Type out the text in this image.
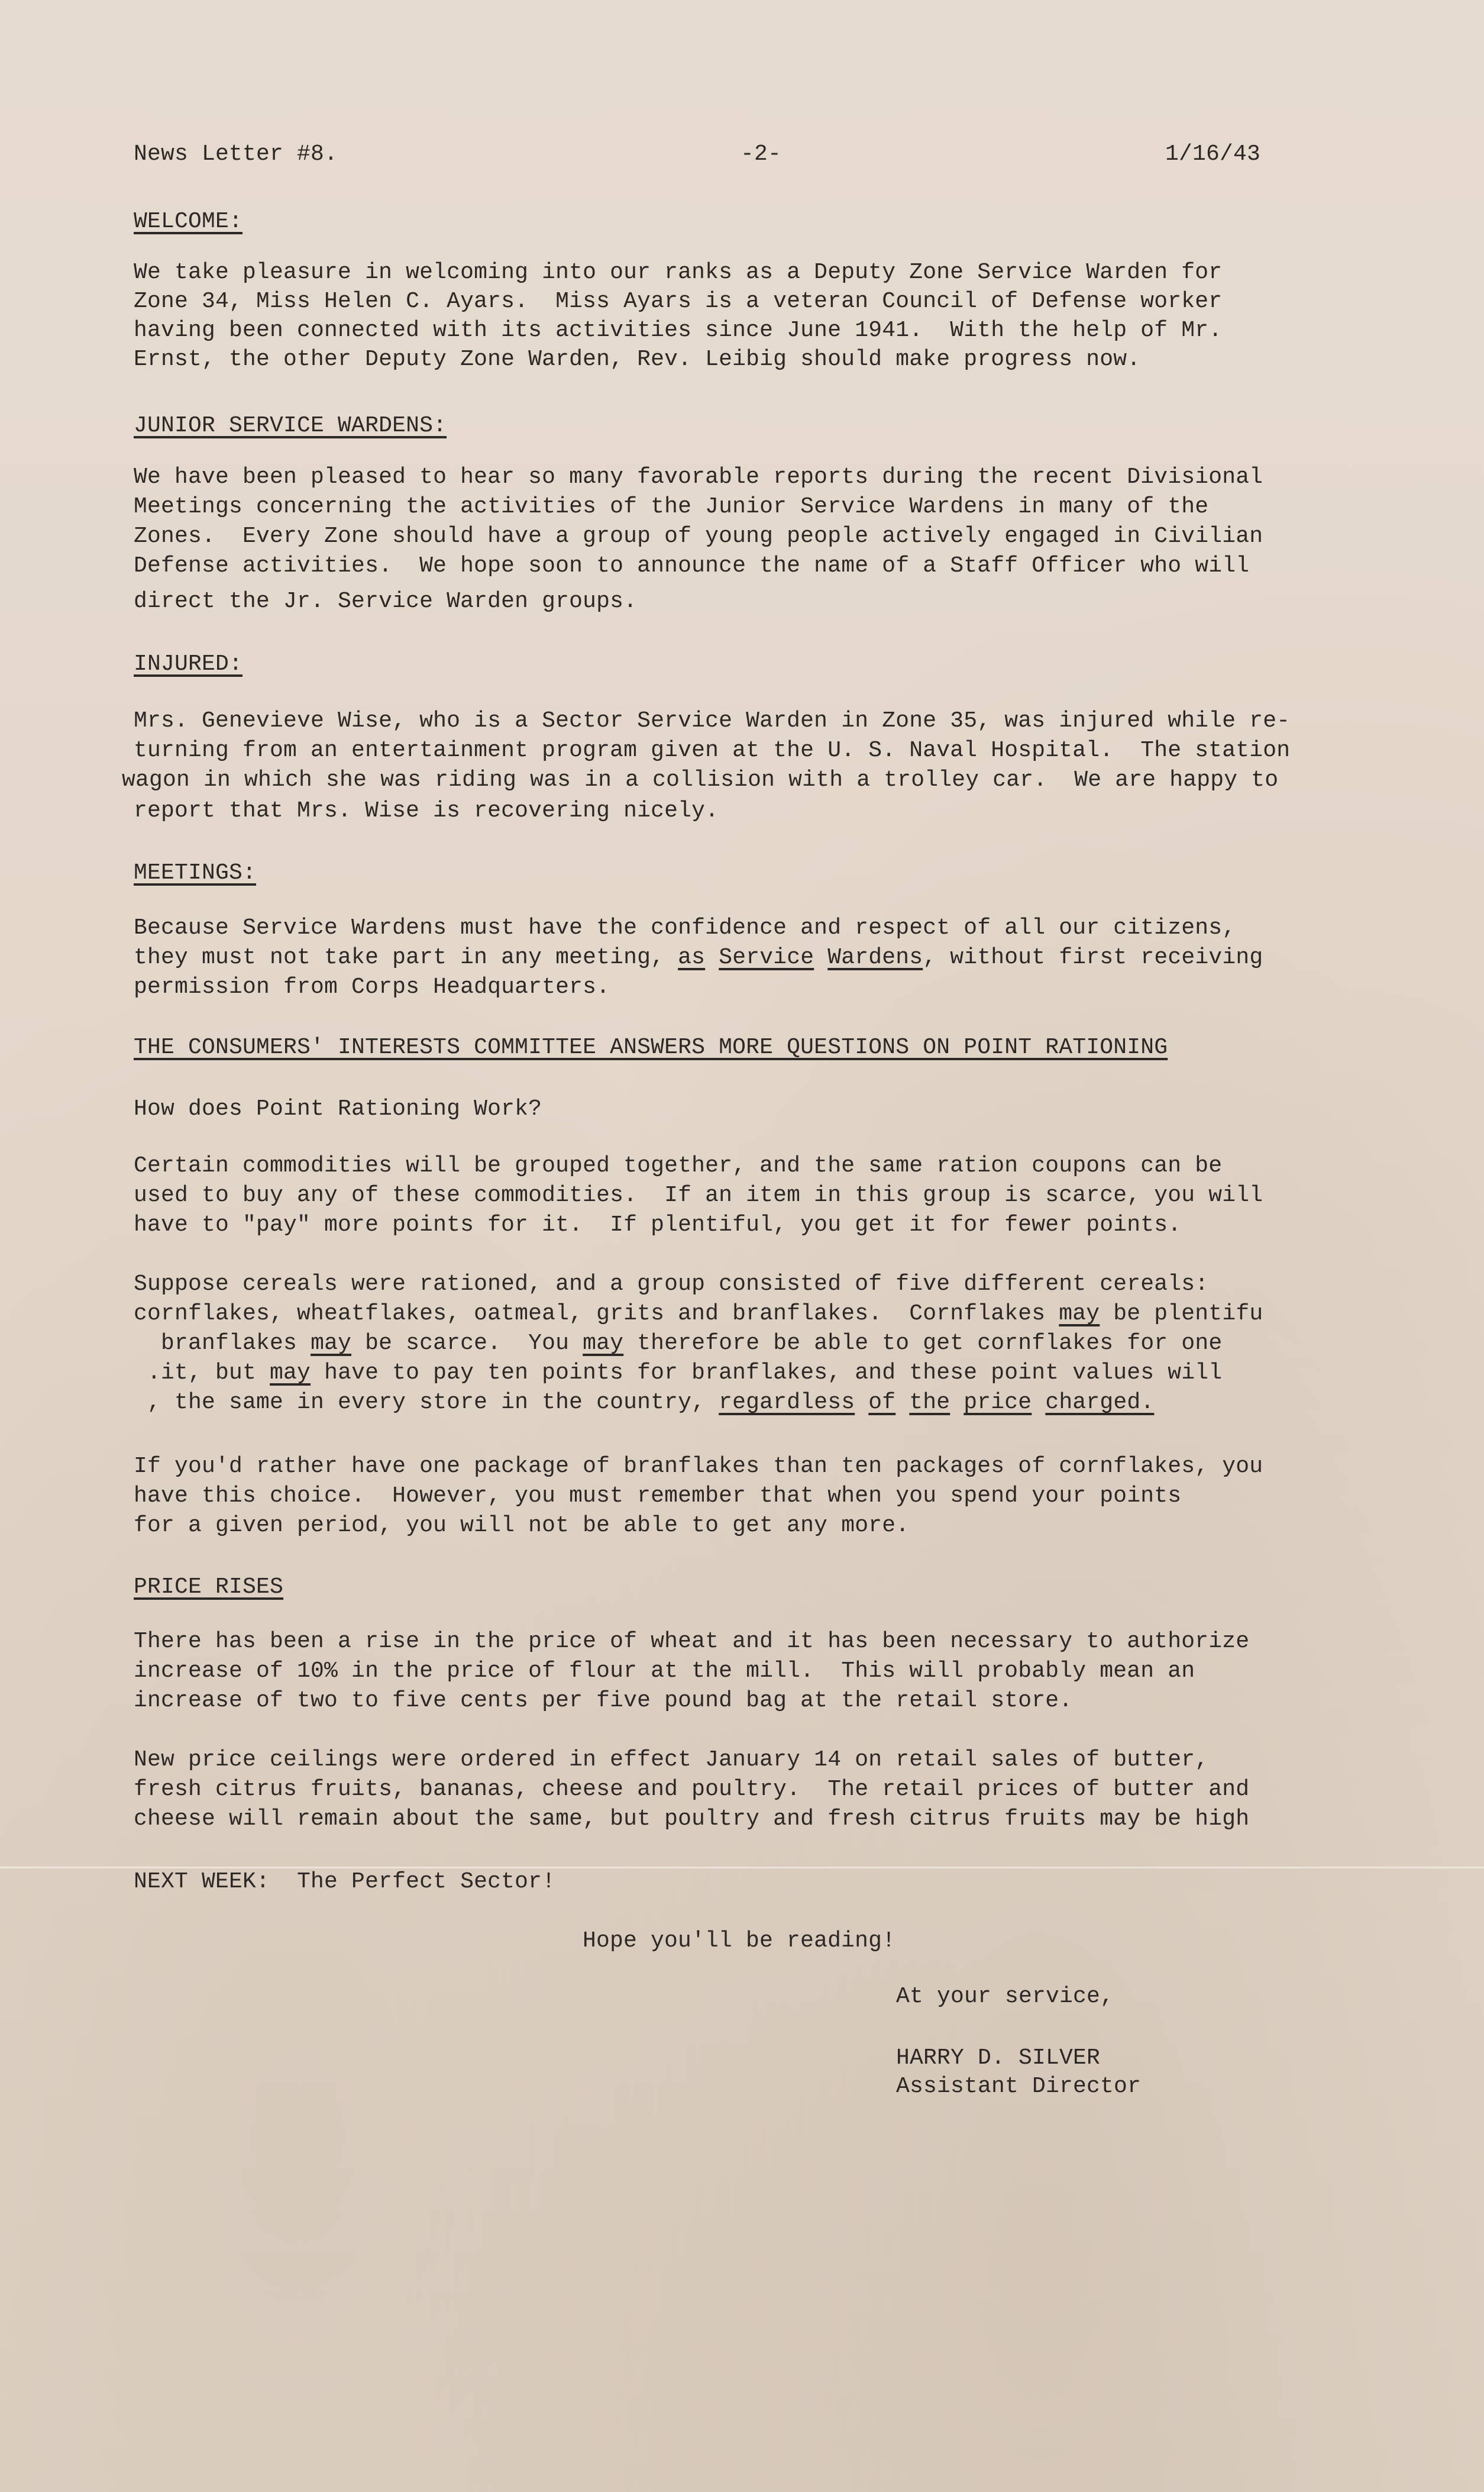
News Letter #8.	-2-	1/16/43
WELCOME:
We take pleasure in welcoming into our ranks as a Deputy Zone Service Warden for
Zone 34, Miss Helen C. Ayars.  Miss Ayars is a veteran Council of Defense worker
having been connected with its activities since June 1941.  With the help of Mr.
Ernst, the other Deputy Zone Warden, Rev. Leibig should make progress now.
JUNIOR SERVICE WARDENS:
We have been pleased to hear so many favorable reports during the recent Divisional
Meetings concerning the activities of the Junior Service Wardens in many of the
Zones.  Every Zone should have a group of young people actively engaged in Civilian
Defense activities.  We hope soon to announce the name of a Staff Officer who will
direct the Jr. Service Warden groups.
INJURED:
Mrs. Genevieve Wise, who is a Sector Service Warden in Zone 35, was injured while re-
turning from an entertainment program given at the U. S. Naval Hospital.  The station
wagon in which she was riding was in a collision with a trolley car.  We are happy to
report that Mrs. Wise is recovering nicely.
MEETINGS:
Because Service Wardens must have the confidence and respect of all our citizens,
they must not take part in any meeting, as Service Wardens, without first receiving
permission from Corps Headquarters.
THE CONSUMERS' INTERESTS COMMITTEE ANSWERS MORE QUESTIONS ON POINT RATIONING
How does Point Rationing Work?
Certain commodities will be grouped together, and the same ration coupons can be
used to buy any of these commodities.  If an item in this group is scarce, you will
have to "pay" more points for it.  If plentiful, you get it for fewer points.
Suppose cereals were rationed, and a group consisted of five different cereals:
cornflakes, wheatflakes, oatmeal, grits and branflakes.  Cornflakes may be plentifu
branflakes may be scarce.  You may therefore be able to get cornflakes for one
.it, but may have to pay ten points for branflakes, and these point values will
, the same in every store in the country, regardless of the price charged.
If you'd rather have one package of branflakes than ten packages of cornflakes, you
have this choice.  However, you must remember that when you spend your points
for a given period, you will not be able to get any more.
PRICE RISES
There has been a rise in the price of wheat and it has been necessary to authorize
increase of 10% in the price of flour at the mill.  This will probably mean an
increase of two to five cents per five pound bag at the retail store.
New price ceilings were ordered in effect January 14 on retail sales of butter,
fresh citrus fruits, bananas, cheese and poultry.  The retail prices of butter and
cheese will remain about the same, but poultry and fresh citrus fruits may be high
NEXT WEEK:  The Perfect Sector!
Hope you'll be reading!
At your service,
HARRY D. SILVER
Assistant Director
